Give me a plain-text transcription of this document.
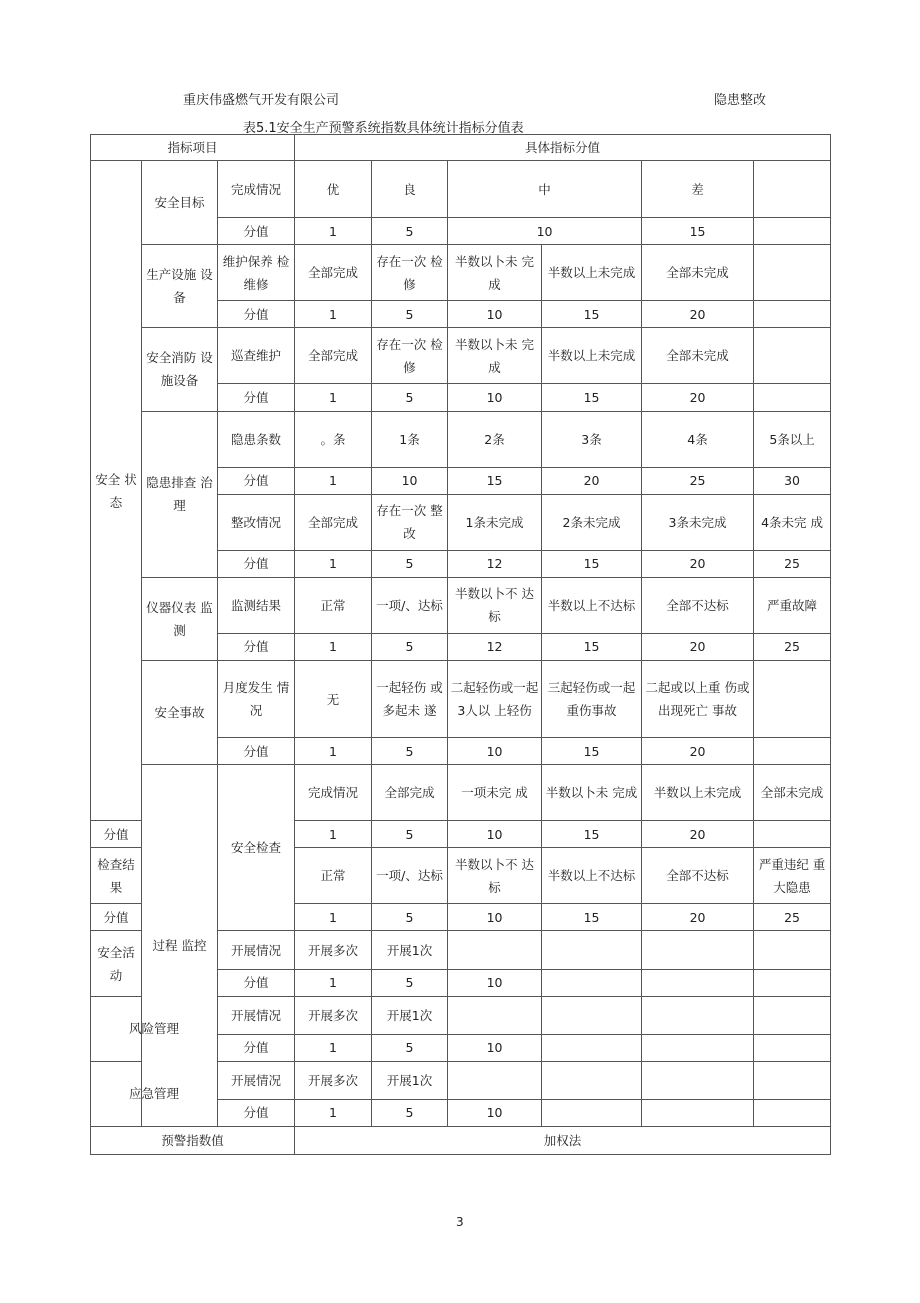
重庆伟盛燃气开发有限公司	隐患整改
表5.1安全生产预警系统指数具体统计指标分值表
指标项目			具体指标分值						
安全 状态	安全目标	完成情况	优	良	中		差		
		分值	1	5	10		15		
	生产设施 设备	维护保养 检维修	全部完成	存在一次 检修	半数以卜未 完成	半数以上未完成	全部未完成		
		分值	1	5	10	15	20		
	安全消防 设施设备	巡查维护	全部完成	存在一次 检修	半数以卜未 完成	半数以上未完成	全部未完成		
		分值	1	5	10	15	20		
	隐患排查 治理	隐患条数	。条	1条	2条	3条	4条	5条以上	
		分值	1	10	15	20	25	30	
		整改情况	全部完成	存在一次 整改	1条未完成	2条未完成	3条未完成	4条未完 成	
		分值	1	5	12	15	20	25	
	仪器仪表 监测	监测结果	正常	一项/、达标	半数以卜不 达标	半数以上不达标	全部不达标	严重故障	
		分值	1	5	12	15	20	25	
	安全事故	月度发生 情况	无	一起轻伤 或多起未 遂	二起轻伤或一起3人以 上轻伤	三起轻伤或一起重伤事故	二起或以上重 伤或出现死亡 事故		
		分值	1	5	10	15	20		
	过程 监控	安全检查	完成情况	全部完成	一项未完 成	半数以卜未 完成	半数以上未完成	全部未完成	
分值			1	5	10	15	20		
检查结果			正常	一项/、达标	半数以卜不 达标	半数以上不达标	全部不达标	严重违纪 重大隐患	
分值			1	5	10	15	20	25	
安全活动		开展情况	开展多次	开展1次					
		分值	1	5	10				
风险管理		开展情况	开展多次	开展1次					
		分值	1	5	10				
应急管理		开展情况	开展多次	开展1次					
		分值	1	5	10				
预警指数值			加权法						
3
